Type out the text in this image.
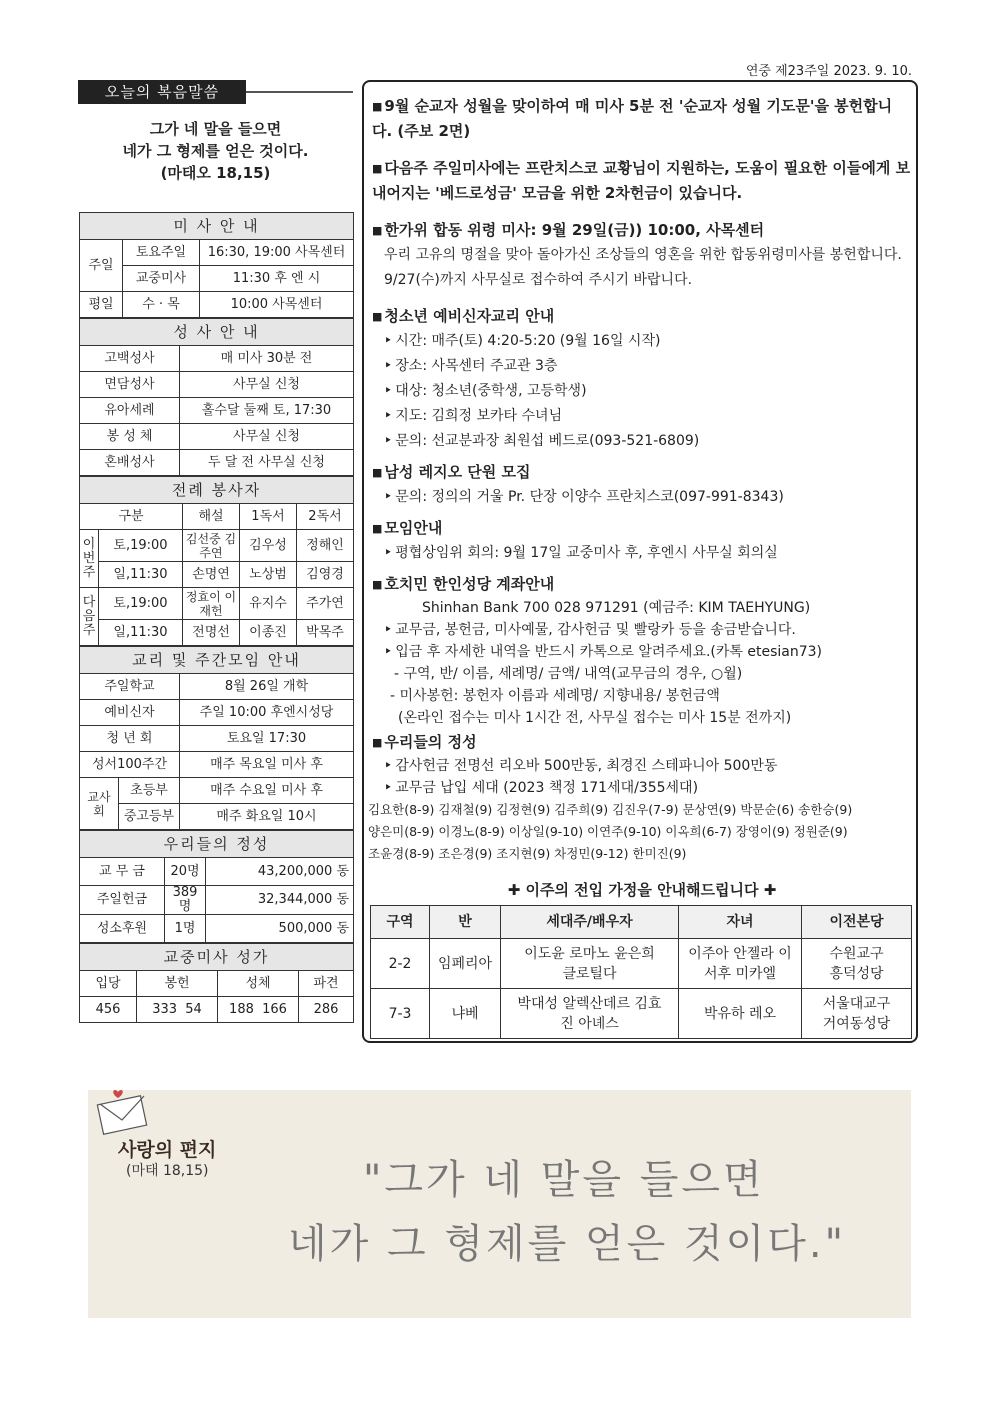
연중 제23주일 2023. 9. 10.
오늘의 복음말씀
그가 네 말을 들으면
네가 그 형제를 얻은 것이다.
(마태오 18,15)
미 사 안 내		
주일	토요주일	16:30, 19:00 사목센터
	교중미사	11:30 후 엔 시
평일	수 · 목	10:00 사목센터
성 사 안 내	
고백성사	매 미사 30분 전
면담성사	사무실 신청
유아세례	홀수달 둘째 토, 17:30
봉 성 체	사무실 신청
혼배성사	두 달 전 사무실 신청
전례 봉사자				
구분		해설	1독서	2독서
이번주	토,19:00	김선중 김주연	김우성	정해인
	일,11:30	손명연	노상범	김영경
다음주	토,19:00	정효이 이재헌	유지수	주가연
	일,11:30	전명선	이종진	박목주
교리 및 주간모임 안내		
주일학교		8월 26일 개학
예비신자		주일 10:00 후엔시성당
청 년 회		토요일 17:30
성서100주간		매주 목요일 미사 후
교사회	초등부	매주 수요일 미사 후
	중고등부	매주 화요일 10시
우리들의 정성		
교 무 금	20명	43,200,000 동
주일헌금	389명	32,344,000 동
성소후원	1명	500,000 동
교중미사 성가			
입당	봉헌	성체	파견
456	333  54	188  166	286
■ 9월 순교자 성월을 맞이하여 매 미사 5분 전 '순교자 성월 기도문'을 봉헌합니다. (주보 2면)
■ 다음주 주일미사에는 프란치스코 교황님이 지원하는, 도움이 필요한 이들에게 보내어지는 '베드로성금' 모금을 위한 2차헌금이 있습니다.
■ 한가위 합동 위령 미사: 9월 29일(금)) 10:00, 사목센터
우리 고유의 명절을 맞아 돌아가신 조상들의 영혼을 위한 합동위령미사를 봉헌합니다. 9/27(수)까지 사무실로 접수하여 주시기 바랍니다.
■ 청소년 예비신자교리 안내
‣ 시간: 매주(토) 4:20-5:20 (9월 16일 시작)
‣ 장소: 사목센터 주교관 3층
‣ 대상: 청소년(중학생, 고등학생)
‣ 지도: 김희정 보카타 수녀님
‣ 문의: 선교분과장 최원섭 베드로(093-521-6809)
■ 남성 레지오 단원 모집
‣ 문의: 정의의 거울 Pr. 단장 이양수 프란치스코(097-991-8343)
■ 모임안내
‣ 평협상임위 회의: 9월 17일 교중미사 후, 후엔시 사무실 회의실
■ 호치민 한인성당 계좌안내
Shinhan Bank 700 028 971291 (예금주: KIM TAEHYUNG)
‣ 교무금, 봉헌금, 미사예물, 감사헌금 및 빨랑카 등을 송금받습니다.
‣ 입금 후 자세한 내역을 반드시 카톡으로 알려주세요.(카톡 etesian73)
- 구역, 반/ 이름, 세례명/ 금액/ 내역(교무금의 경우, ○월)
- 미사봉헌: 봉헌자 이름과 세례명/ 지향내용/ 봉헌금액
(온라인 접수는 미사 1시간 전, 사무실 접수는 미사 15분 전까지)
■ 우리들의 정성
‣ 감사헌금 전명선 리오바 500만동, 최경진 스테파니아 500만동
‣ 교무금 납입 세대 (2023 책정 171세대/355세대)
김요한(8-9) 김재철(9) 김정현(9) 김주희(9) 김진우(7-9) 문상연(9) 박문순(6) 송한승(9)
양은미(8-9) 이경노(8-9) 이상일(9-10) 이연주(9-10) 이옥희(6-7) 장영이(9) 정원준(9)
조윤경(8-9) 조은경(9) 조지현(9) 차정민(9-12) 한미진(9)
✚ 이주의 전입 가정을 안내해드립니다 ✚
구역	반	세대주/배우자	자녀	이전본당
2-2	임페리아	이도윤 로마노 윤은희 클로틸다	이주아 안젤라 이서후 미카엘	수원교구 흥덕성당
7-3	냐베	박대성 알렉산데르 김효진 아녜스	박유하 레오	서울대교구 거여동성당
사랑의 편지
(마태 18,15)	"그가 네 말을 들으면
네가 그 형제를 얻은 것이다."
